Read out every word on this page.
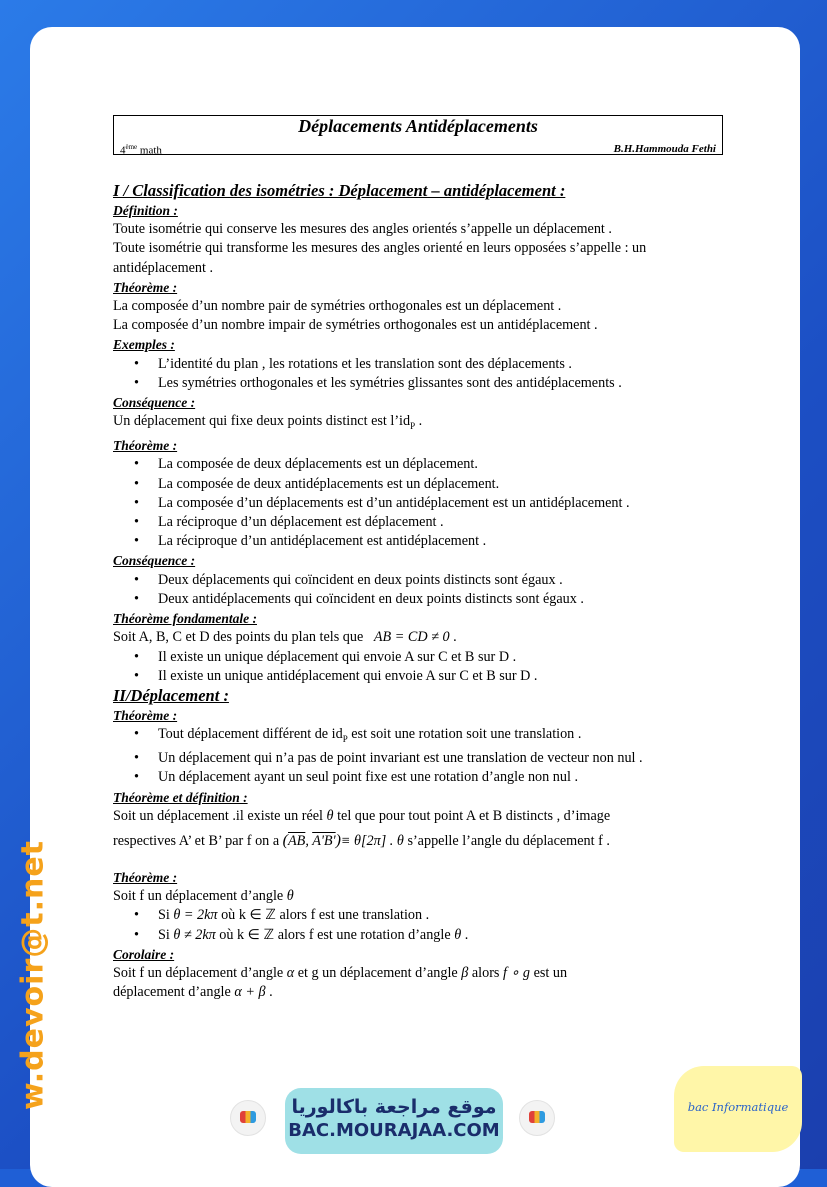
Déplacements Antidéplacements
4ème math	B.H.Hammouda Fethi

I / Classification des isométries : Déplacement – antidéplacement :

Définition :

Toute isométrie qui conserve les mesures des angles orientés s’appelle un déplacement .

Toute isométrie qui transforme les mesures des angles orienté en leurs opposées s’appelle : un antidéplacement .

Théorème :

La composée d’un nombre pair de symétries orthogonales est un déplacement .

La composée d’un nombre impair de symétries orthogonales est un antidéplacement .

Exemples :

• L’identité du plan , les rotations et les translation sont des déplacements .
• Les symétries orthogonales et les symétries glissantes sont des antidéplacements .

Conséquence :

Un déplacement qui fixe deux points distinct est $l’id_P$ .

Théorème :

• La composée de deux déplacements est un déplacement.
• La composée de deux antidéplacements est un déplacement.
• La composée d’un déplacements est d’un antidéplacement est un antidéplacement .
• La réciproque d’un déplacement est déplacement .
• La réciproque d’un antidéplacement est antidéplacement .

Conséquence :

• Deux déplacements qui coïncident en deux points distincts sont égaux .
• Deux antidéplacements qui coïncident en deux points distincts sont égaux .

Théorème fondamentale :

Soit A, B, C et D des points du plan tels que AB = CD ≠ 0 .

• Il existe un unique déplacement qui envoie A sur C et B sur D .
• Il existe un unique antidéplacement qui envoie A sur C et B sur D .

II/Déplacement :

Théorème :

• Tout déplacement différent de $id_P$ est soit une rotation soit une translation .
• Un déplacement qui n’a pas de point invariant est une translation de vecteur non nul .
• Un déplacement ayant un seul point fixe est une rotation d’angle non nul .

Théorème et définition :

Soit un déplacement .il existe un réel θ tel que pour tout point A et B distincts , d’image

respectives A’ et B’ par f on a ($\overline{AB}$, A'B')≡ θ[2π] . θ s’appelle l’angle du déplacement f .

Théorème :

Soit f un déplacement d’angle θ

• Si θ = 2kπ où k ∈ ℤ alors f est une translation .
• Si θ ≠ 2kπ où k ∈ ℤ alors f est une rotation d’angle θ .

Corolaire :

Soit f un déplacement d’angle α et g un déplacement d’angle β alors f ∘ g est un

déplacement d’angle α + β .

w.devoir@t.net	موقع مراجعة باكالوريا
BAC.MOURAJAA.COM
bac Informatique
